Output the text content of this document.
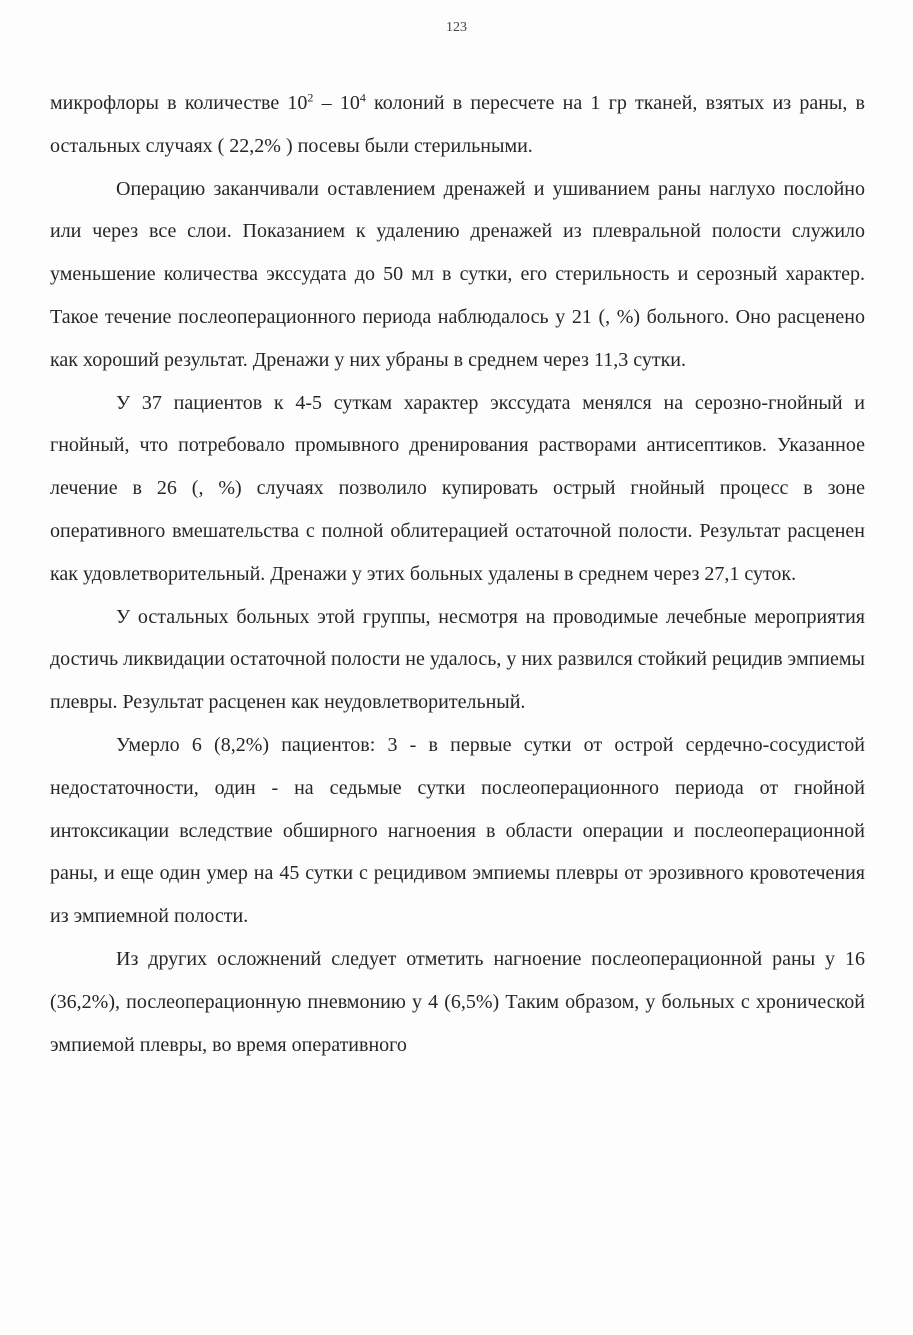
123

микрофлоры в количестве $10^2 - 10^4$ колоний в пересчете на 1 гр тканей, взятых из раны, в остальных случаях ( 22,2% ) посевы были стерильными.

Операцию заканчивали оставлением дренажей и ушиванием раны наглухо послойно или через все слои. Показанием к удалению дренажей из плевральной полости служило уменьшение количества экссудата до 50 мл в сутки, его стерильность и серозный характер. Такое течение послеоперационного периода наблюдалось у 21 (, %) больного. Оно расценено как хороший результат. Дренажи у них убраны в среднем через 11,3 сутки.

У 37 пациентов к 4-5 суткам характер экссудата менялся на серозно-гнойный и гнойный, что потребовало промывного дренирования растворами антисептиков. Указанное лечение в 26 (, %) случаях позволило купировать острый гнойный процесс в зоне оперативного вмешательства с полной облитерацией остаточной полости. Результат расценен как удовлетворительный. Дренажи у этих больных удалены в среднем через 27,1 суток.

У остальных больных этой группы, несмотря на проводимые лечебные мероприятия достичь ликвидации остаточной полости не удалось, у них развился стойкий рецидив эмпиемы плевры. Результат расценен как неудовлетворительный.

Умерло 6 (8,2%) пациентов: 3 - в первые сутки от острой сердечно-сосудистой недостаточности, один - на седьмые сутки послеоперационного периода от гнойной интоксикации вследствие обширного нагноения в области операции и послеоперационной раны, и еще один умер на 45 сутки с рецидивом эмпиемы плевры от эрозивного кровотечения из эмпиемной полости.

Из других осложнений следует отметить нагноение послеоперационной раны у 16 (36,2%), послеоперационную пневмонию у 4 (6,5%) Таким образом, у больных с хронической эмпиемой плевры, во время оперативного
